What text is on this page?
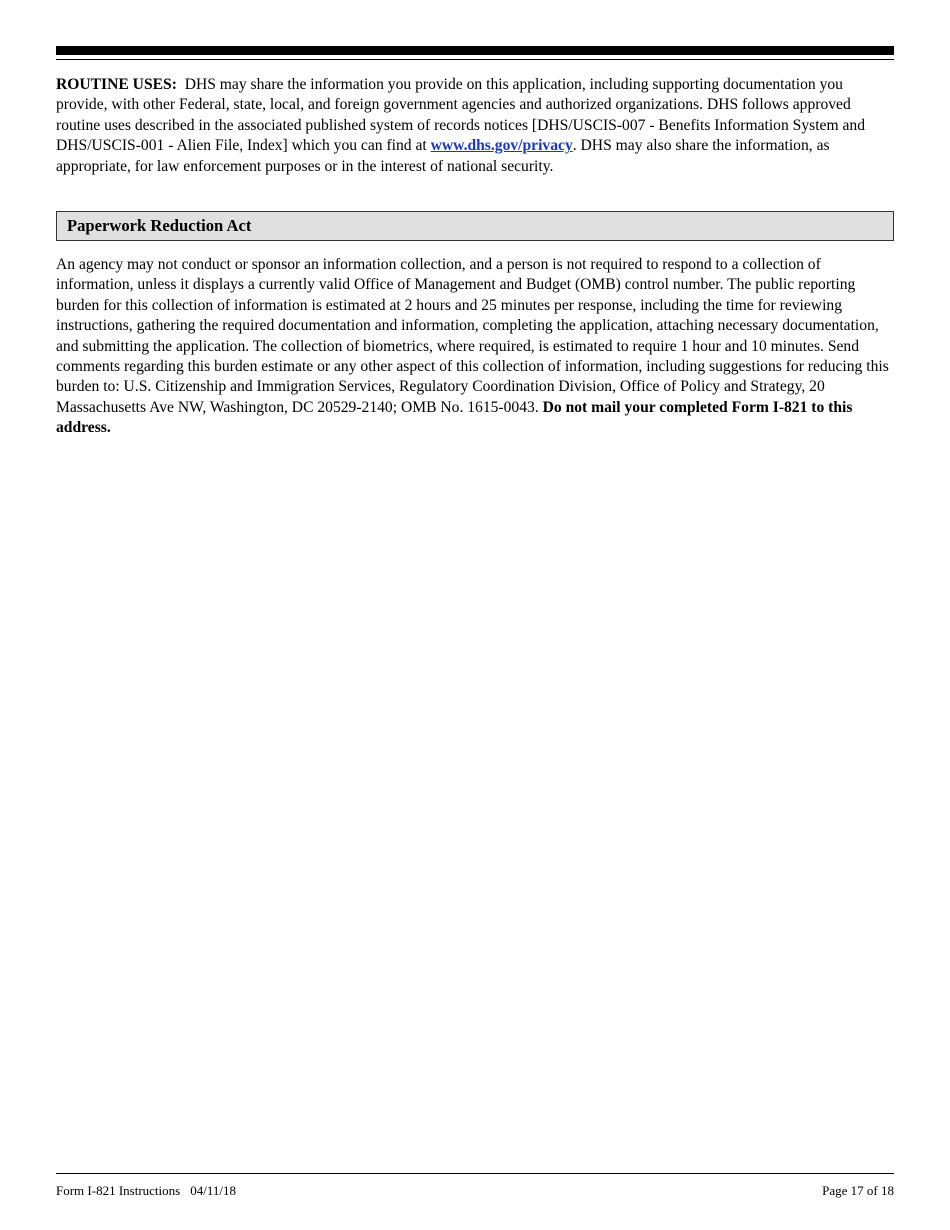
ROUTINE USES: DHS may share the information you provide on this application, including supporting documentation you provide, with other Federal, state, local, and foreign government agencies and authorized organizations. DHS follows approved routine uses described in the associated published system of records notices [DHS/USCIS-007 - Benefits Information System and DHS/USCIS-001 - Alien File, Index] which you can find at www.dhs.gov/privacy. DHS may also share the information, as appropriate, for law enforcement purposes or in the interest of national security.

Paperwork Reduction Act

An agency may not conduct or sponsor an information collection, and a person is not required to respond to a collection of information, unless it displays a currently valid Office of Management and Budget (OMB) control number. The public reporting burden for this collection of information is estimated at 2 hours and 25 minutes per response, including the time for reviewing instructions, gathering the required documentation and information, completing the application, attaching necessary documentation, and submitting the application. The collection of biometrics, where required, is estimated to require 1 hour and 10 minutes. Send comments regarding this burden estimate or any other aspect of this collection of information, including suggestions for reducing this burden to: U.S. Citizenship and Immigration Services, Regulatory Coordination Division, Office of Policy and Strategy, 20 Massachusetts Ave NW, Washington, DC 20529-2140; OMB No. 1615-0043. Do not mail your completed Form I-821 to this address.

Form I-821 Instructions 04/11/18	Page 17 of 18
